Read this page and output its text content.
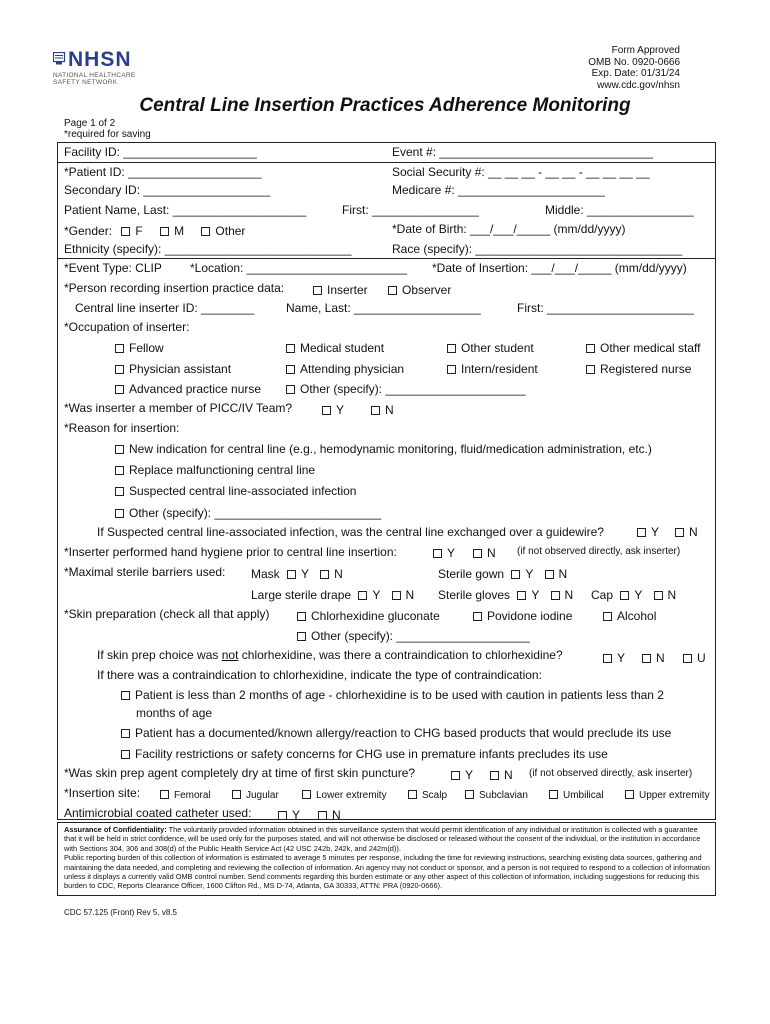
NHSN
NATIONAL HEALTHCARE SAFETY NETWORK
Form Approved
OMB No. 0920-0666
Exp. Date: 01/31/24
www.cdc.gov/nhsn
Central Line Insertion Practices Adherence Monitoring
Page 1 of 2
*required for saving
Facility ID: ____________________	Event #: ________________________________
*Patient ID: ____________________	Social Security #: __ __ __ - __ __ - __ __ __ __
Secondary ID: ___________________	Medicare #: ______________________
Patient Name, Last: ____________________	First: ________________	Middle: ________________
*Gender: F	M	Other	*Date of Birth: ___/___/_____ (mm/dd/yyyy)
Ethnicity (specify): ____________________________	Race (specify): _______________________________
*Event Type: CLIP *Location: ________________________ *Date of Insertion: ___/___/_____ (mm/dd/yyyy)
*Person recording insertion practice data:	Inserter	Observer
Central line inserter ID: ________	Name, Last: ___________________	First: ______________________
*Occupation of inserter:
Fellow	Medical student	Other student	Other medical staff
Physician assistant	Attending physician	Intern/resident	Registered nurse
Advanced practice nurse	Other (specify): _____________________
*Was inserter a member of PICC/IV Team?	Y	N
*Reason for insertion:
New indication for central line (e.g., hemodynamic monitoring, fluid/medication administration, etc.)
Replace malfunctioning central line
Suspected central line-associated infection
Other (specify): _________________________
If Suspected central line-associated infection, was the central line exchanged over a guidewire?	Y	N
*Inserter performed hand hygiene prior to central line insertion:	Y	N (if not observed directly, ask inserter)
*Maximal sterile barriers used: Mask Y N	Sterile gown Y N
Large sterile drape Y N Sterile gloves Y N Cap Y N
*Skin preparation (check all that apply)	Chlorhexidine gluconate	Povidone iodine	Alcohol
Other (specify): ____________________
If skin prep choice was not chlorhexidine, was there a contraindication to chlorhexidine?	Y	N	U
If there was a contraindication to chlorhexidine, indicate the type of contraindication:
Patient is less than 2 months of age - chlorhexidine is to be used with caution in patients less than 2
months of age
Patient has a documented/known allergy/reaction to CHG based products that would preclude its use
Facility restrictions or safety concerns for CHG use in premature infants precludes its use
*Was skin prep agent completely dry at time of first skin puncture?	Y	N (if not observed directly, ask inserter)
*Insertion site:	Femoral	Jugular	Lower extremity	Scalp	Subclavian	Umbilical	Upper extremity
Antimicrobial coated catheter used:	Y	N
Assurance of Confidentiality: The voluntarily provided information obtained in this surveillance system that would permit identification of any individual or institution is collected with a guarantee that it will be held in strict confidence, will be used only for the purposes stated, and will not otherwise be disclosed or released without the consent of the individual, or the institution in accordance with Sections 304, 306 and 308(d) of the Public Health Service Act (42 USC 242b, 242k, and 242m(d)).
Public reporting burden of this collection of information is estimated to average 5 minutes per response, including the time for reviewing instructions, searching existing data sources, gathering and maintaining the data needed, and completing and reviewing the collection of information. An agency may not conduct or sponsor, and a person is not required to respond to a collection of information unless it displays a currently valid OMB control number. Send comments regarding this burden estimate or any other aspect of this collection of information, including suggestions for reducing this burden to CDC, Reports Clearance Officer, 1600 Clifton Rd., MS D-74, Atlanta, GA 30333, ATTN: PRA (0920-0666).
CDC 57.125 (Front) Rev 5, v8.5
